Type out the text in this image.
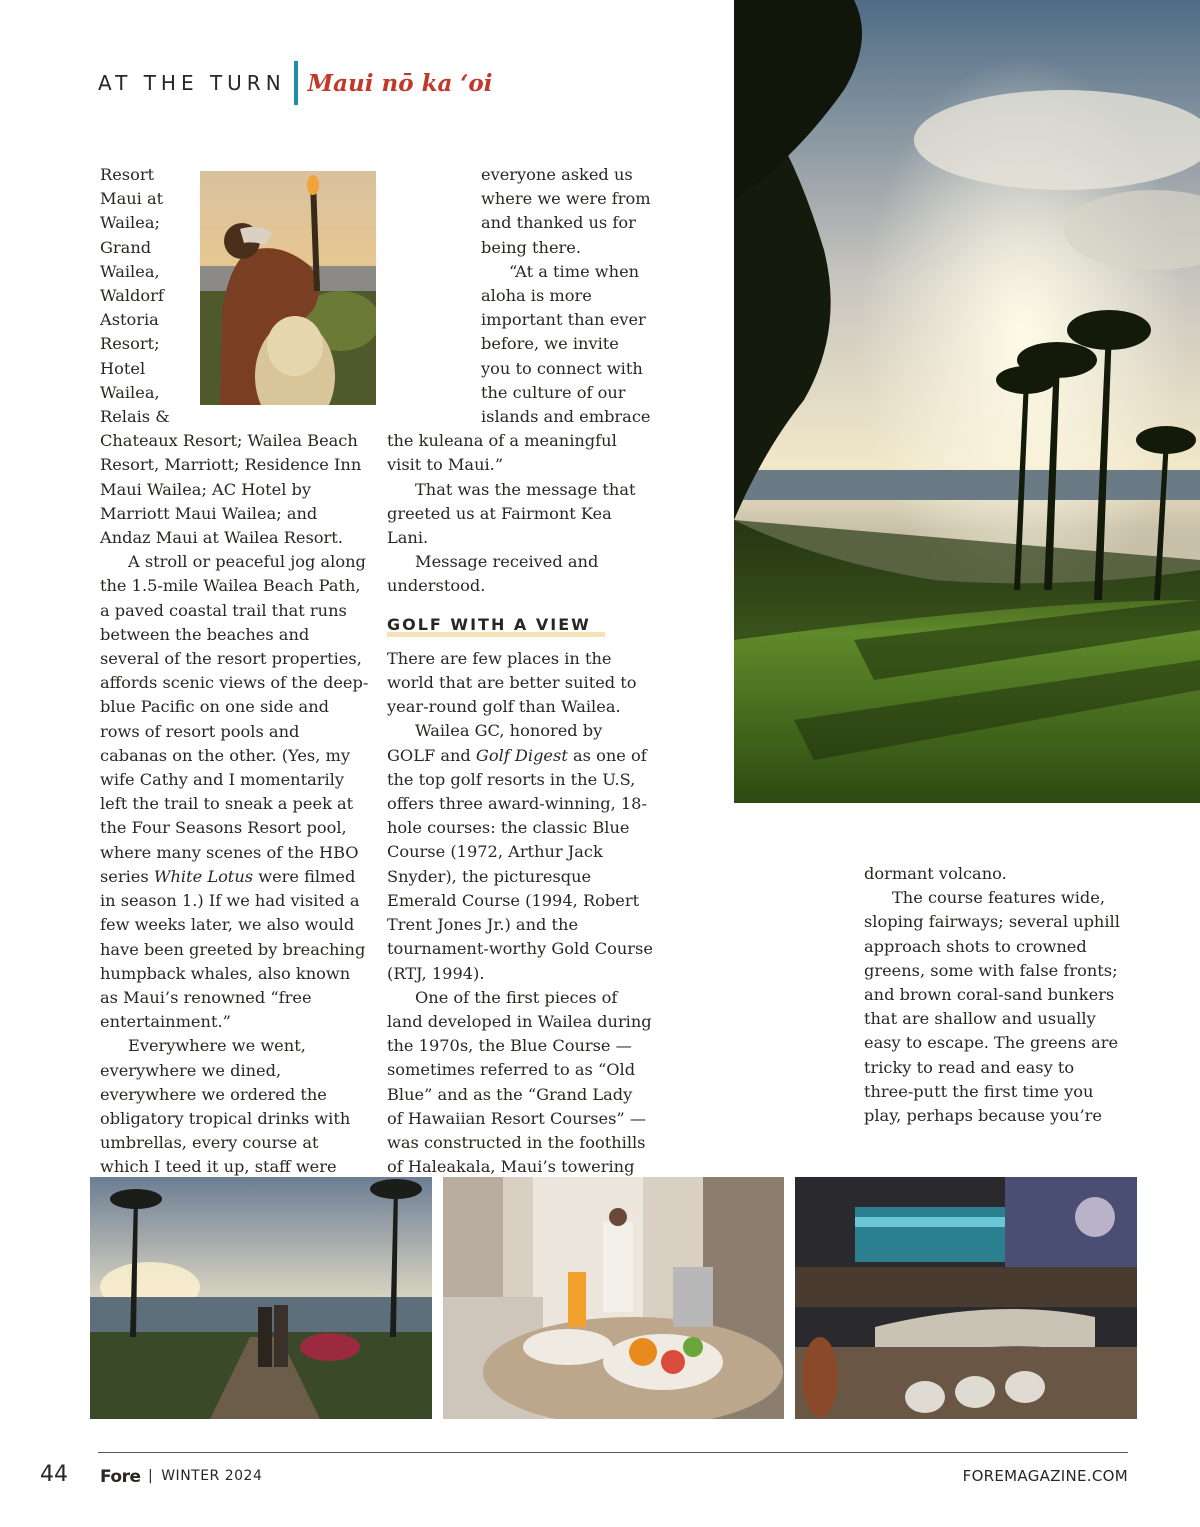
AT THE TURN Maui nō ka ʻoi

Resort Maui at Wailea; Grand Wailea, Waldorf Astoria Resort; Hotel Wailea, Relais & Chateaux Resort; Wailea Beach Resort, Marriott; Residence Inn Maui Wailea; AC Hotel by Marriott Maui Wailea; and Andaz Maui at Wailea Resort.

A stroll or peaceful jog along the 1.5-mile Wailea Beach Path, a paved coastal trail that runs between the beaches and several of the resort properties, affords scenic views of the deep-blue Pacific on one side and rows of resort pools and cabanas on the other. (Yes, my wife Cathy and I momentarily left the trail to sneak a peek at the Four Seasons Resort pool, where many scenes of the HBO series White Lotus were filmed in season 1.) If we had visited a few weeks later, we also would have been greeted by breaching humpback whales, also known as Maui’s renowned “free entertainment.”

Everywhere we went, everywhere we dined, everywhere we ordered the obligatory tropical drinks with umbrellas, every course at which I teed it up, staff were

everyone asked us where we were from and thanked us for being there.

“At a time when aloha is more important than ever before, we invite you to connect with the culture of our islands and embrace

the kuleana of a meaningful visit to Maui.”

That was the message that greeted us at Fairmont Kea Lani.

Message received and understood.

GOLF WITH A VIEW

There are few places in the world that are better suited to year-round golf than Wailea.

Wailea GC, honored by GOLF and Golf Digest as one of the top golf resorts in the U.S, offers three award-winning, 18-hole courses: the classic Blue Course (1972, Arthur Jack Snyder), the picturesque Emerald Course (1994, Robert Trent Jones Jr.) and the tournament-worthy Gold Course (RTJ, 1994).

One of the first pieces of land developed in Wailea during the 1970s, the Blue Course — sometimes referred to as “Old Blue” and as the “Grand Lady of Hawaiian Resort Courses” — was constructed in the foothills of Haleakala, Maui’s towering

dormant volcano.

The course features wide, sloping fairways; several uphill approach shots to crowned greens, some with false fronts; and brown coral-sand bunkers that are shallow and usually easy to escape. The greens are tricky to read and easy to three-putt the first time you play, perhaps because you’re

44 Fore | WINTER 2024	FOREMAGAZINE.COM
